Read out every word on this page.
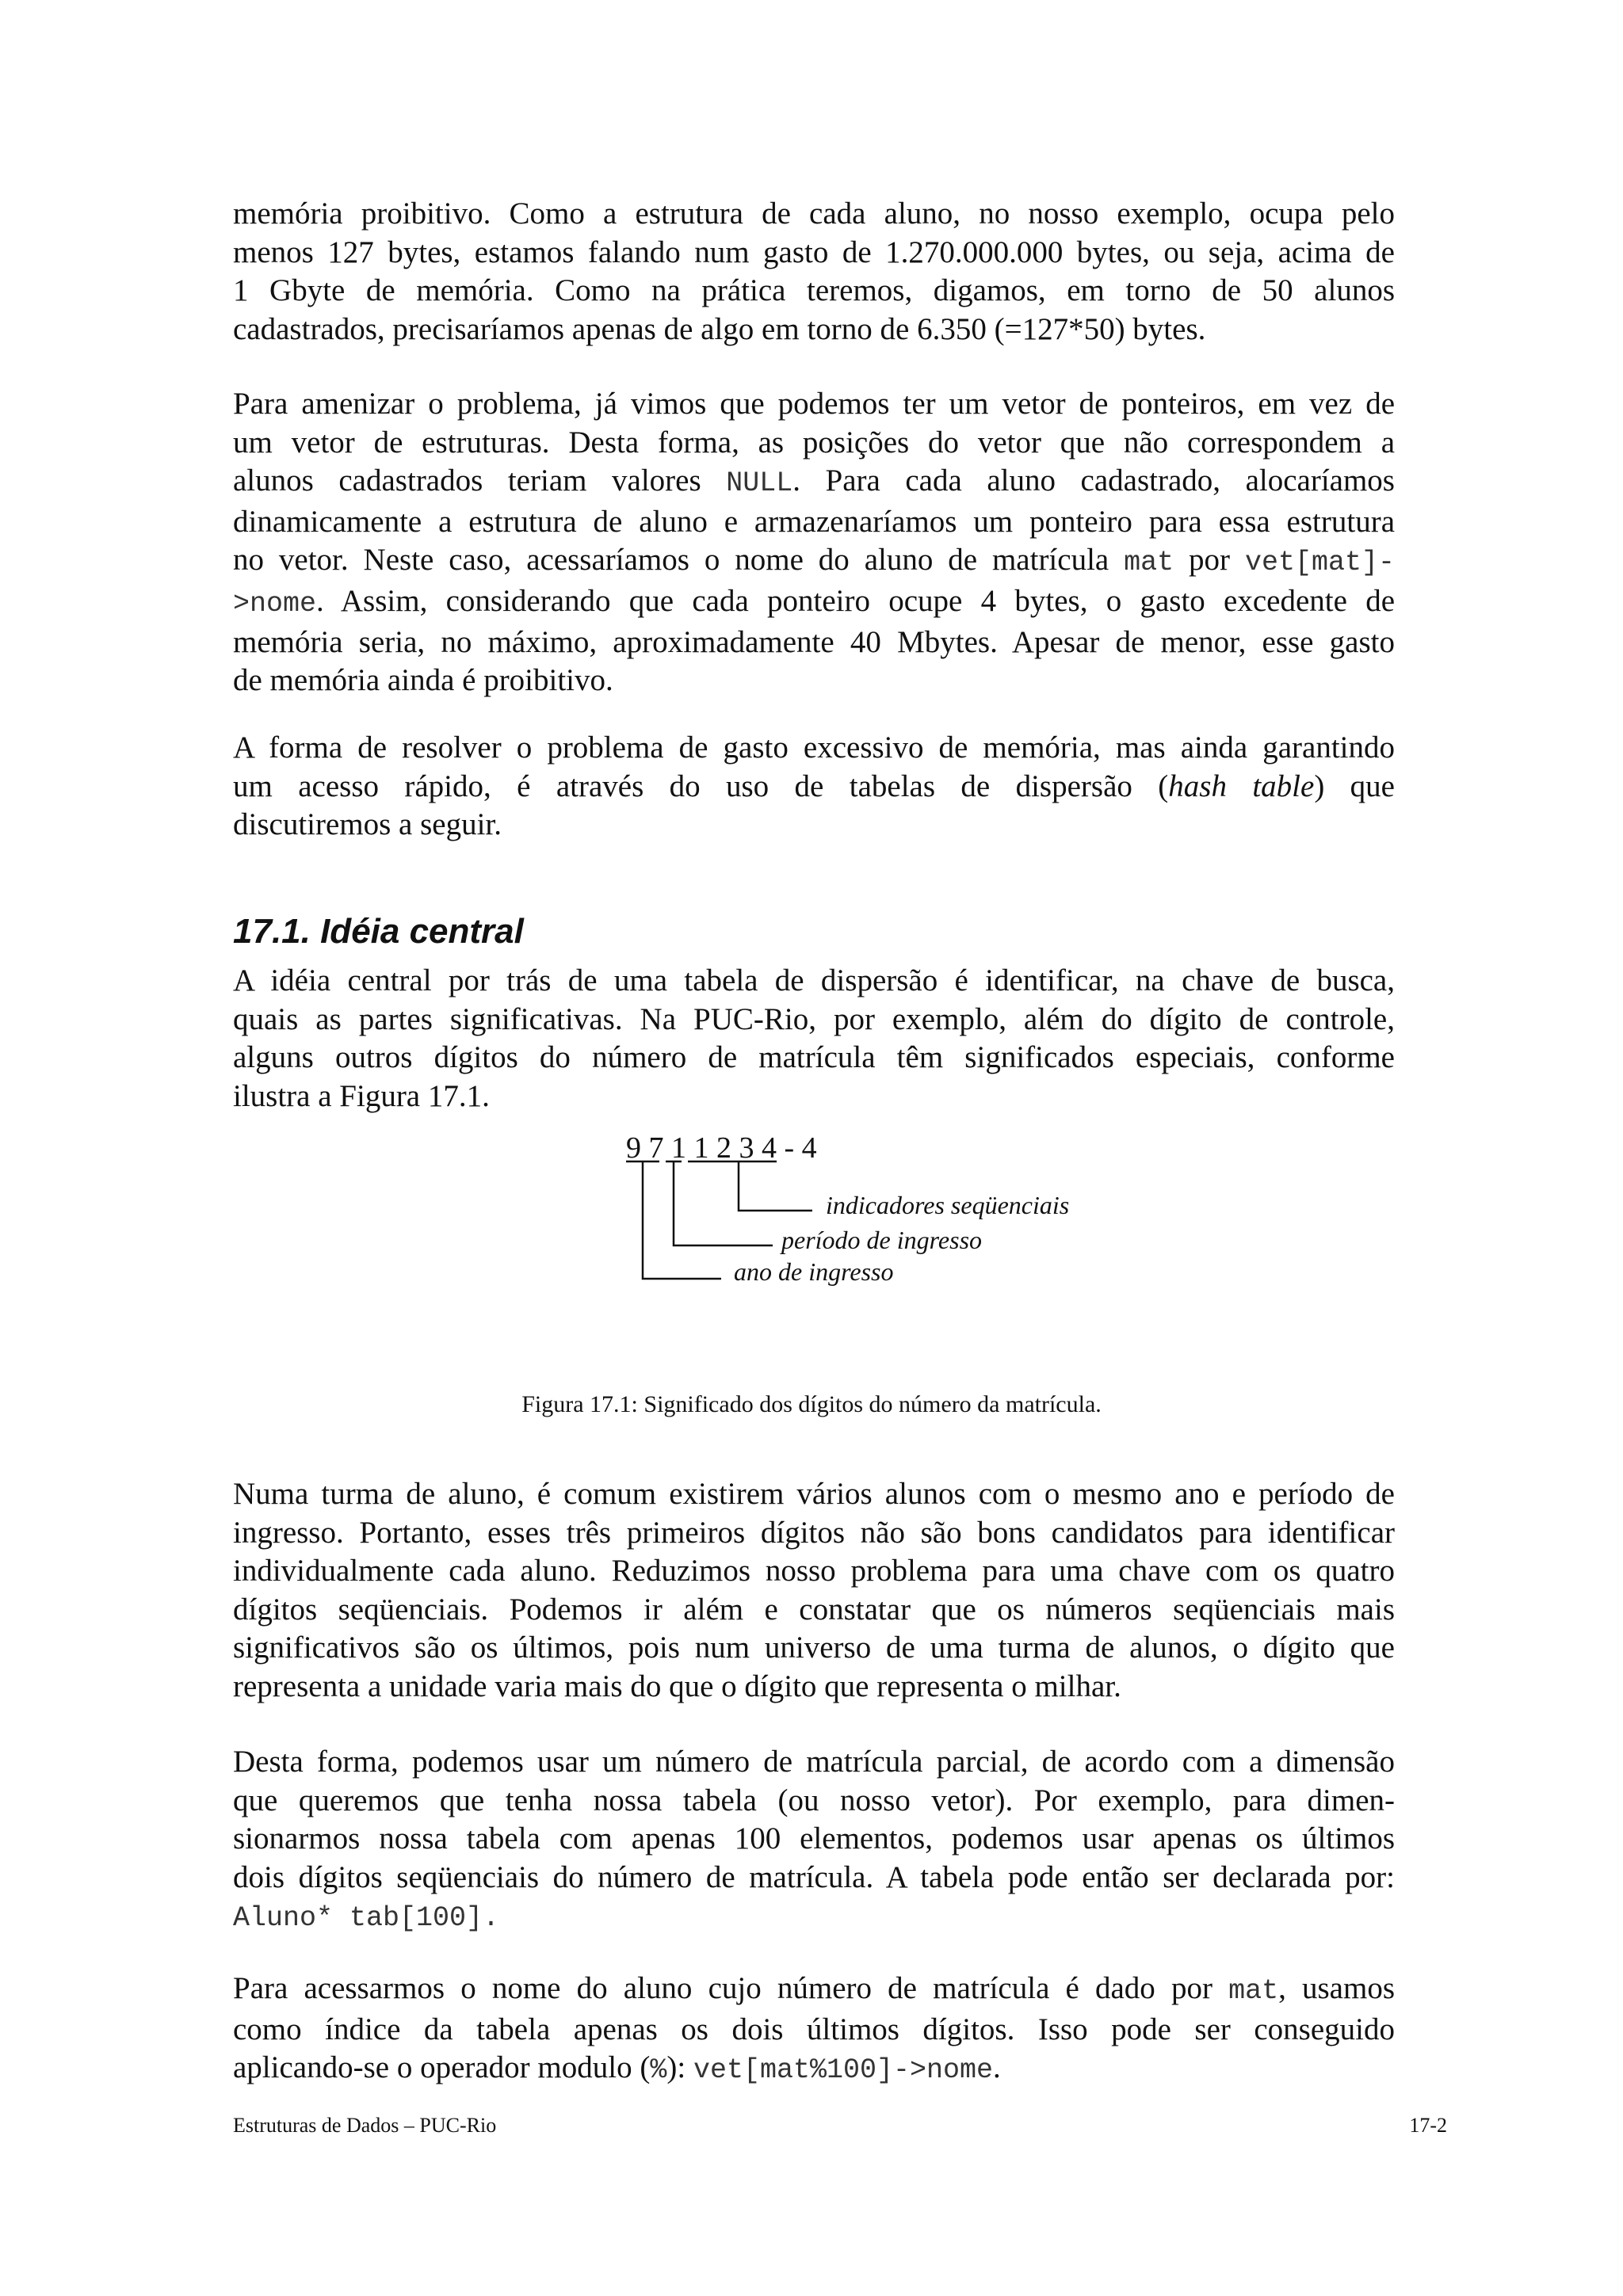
memória proibitivo. Como a estrutura de cada aluno, no nosso exemplo, ocupa pelo

menos 127 bytes, estamos falando num gasto de 1.270.000.000 bytes, ou seja, acima de

1 Gbyte de memória. Como na prática teremos, digamos, em torno de 50 alunos

cadastrados, precisaríamos apenas de algo em torno de 6.350 (=127*50) bytes.

Para amenizar o problema, já vimos que podemos ter um vetor de ponteiros, em vez de

um vetor de estruturas. Desta forma, as posições do vetor que não correspondem a

alunos cadastrados teriam valores NULL. Para cada aluno cadastrado, alocaríamos

dinamicamente a estrutura de aluno e armazenaríamos um ponteiro para essa estrutura

no vetor. Neste caso, acessaríamos o nome do aluno de matrícula mat por vet[mat]-

>nome. Assim, considerando que cada ponteiro ocupe 4 bytes, o gasto excedente de

memória seria, no máximo, aproximadamente 40 Mbytes. Apesar de menor, esse gasto

de memória ainda é proibitivo.

A forma de resolver o problema de gasto excessivo de memória, mas ainda garantindo

um acesso rápido, é através do uso de tabelas de dispersão (hash table) que

discutiremos a seguir.

17.1. Idéia central

A idéia central por trás de uma tabela de dispersão é identificar, na chave de busca,

quais as partes significativas. Na PUC-Rio, por exemplo, além do dígito de controle,

alguns outros dígitos do número de matrícula têm significados especiais, conforme

ilustra a Figura 17.1.

9 7 1 1 2 3 4 - 4
indicadores seqüenciais
período de ingresso
ano de ingresso
Figura 17.1: Significado dos dígitos do número da matrícula.

Numa turma de aluno, é comum existirem vários alunos com o mesmo ano e período de

ingresso. Portanto, esses três primeiros dígitos não são bons candidatos para identificar

individualmente cada aluno. Reduzimos nosso problema para uma chave com os quatro

dígitos seqüenciais. Podemos ir além e constatar que os números seqüenciais mais

significativos são os últimos, pois num universo de uma turma de alunos, o dígito que

representa a unidade varia mais do que o dígito que representa o milhar.

Desta forma, podemos usar um número de matrícula parcial, de acordo com a dimensão

que queremos que tenha nossa tabela (ou nosso vetor). Por exemplo, para dimen-

sionarmos nossa tabela com apenas 100 elementos, podemos usar apenas os últimos

dois dígitos seqüenciais do número de matrícula. A tabela pode então ser declarada por:

Aluno* tab[100].

Para acessarmos o nome do aluno cujo número de matrícula é dado por mat, usamos

como índice da tabela apenas os dois últimos dígitos. Isso pode ser conseguido

aplicando-se o operador modulo (%): vet[mat%100]->nome.

Estruturas de Dados – PUC-Rio	17-2
